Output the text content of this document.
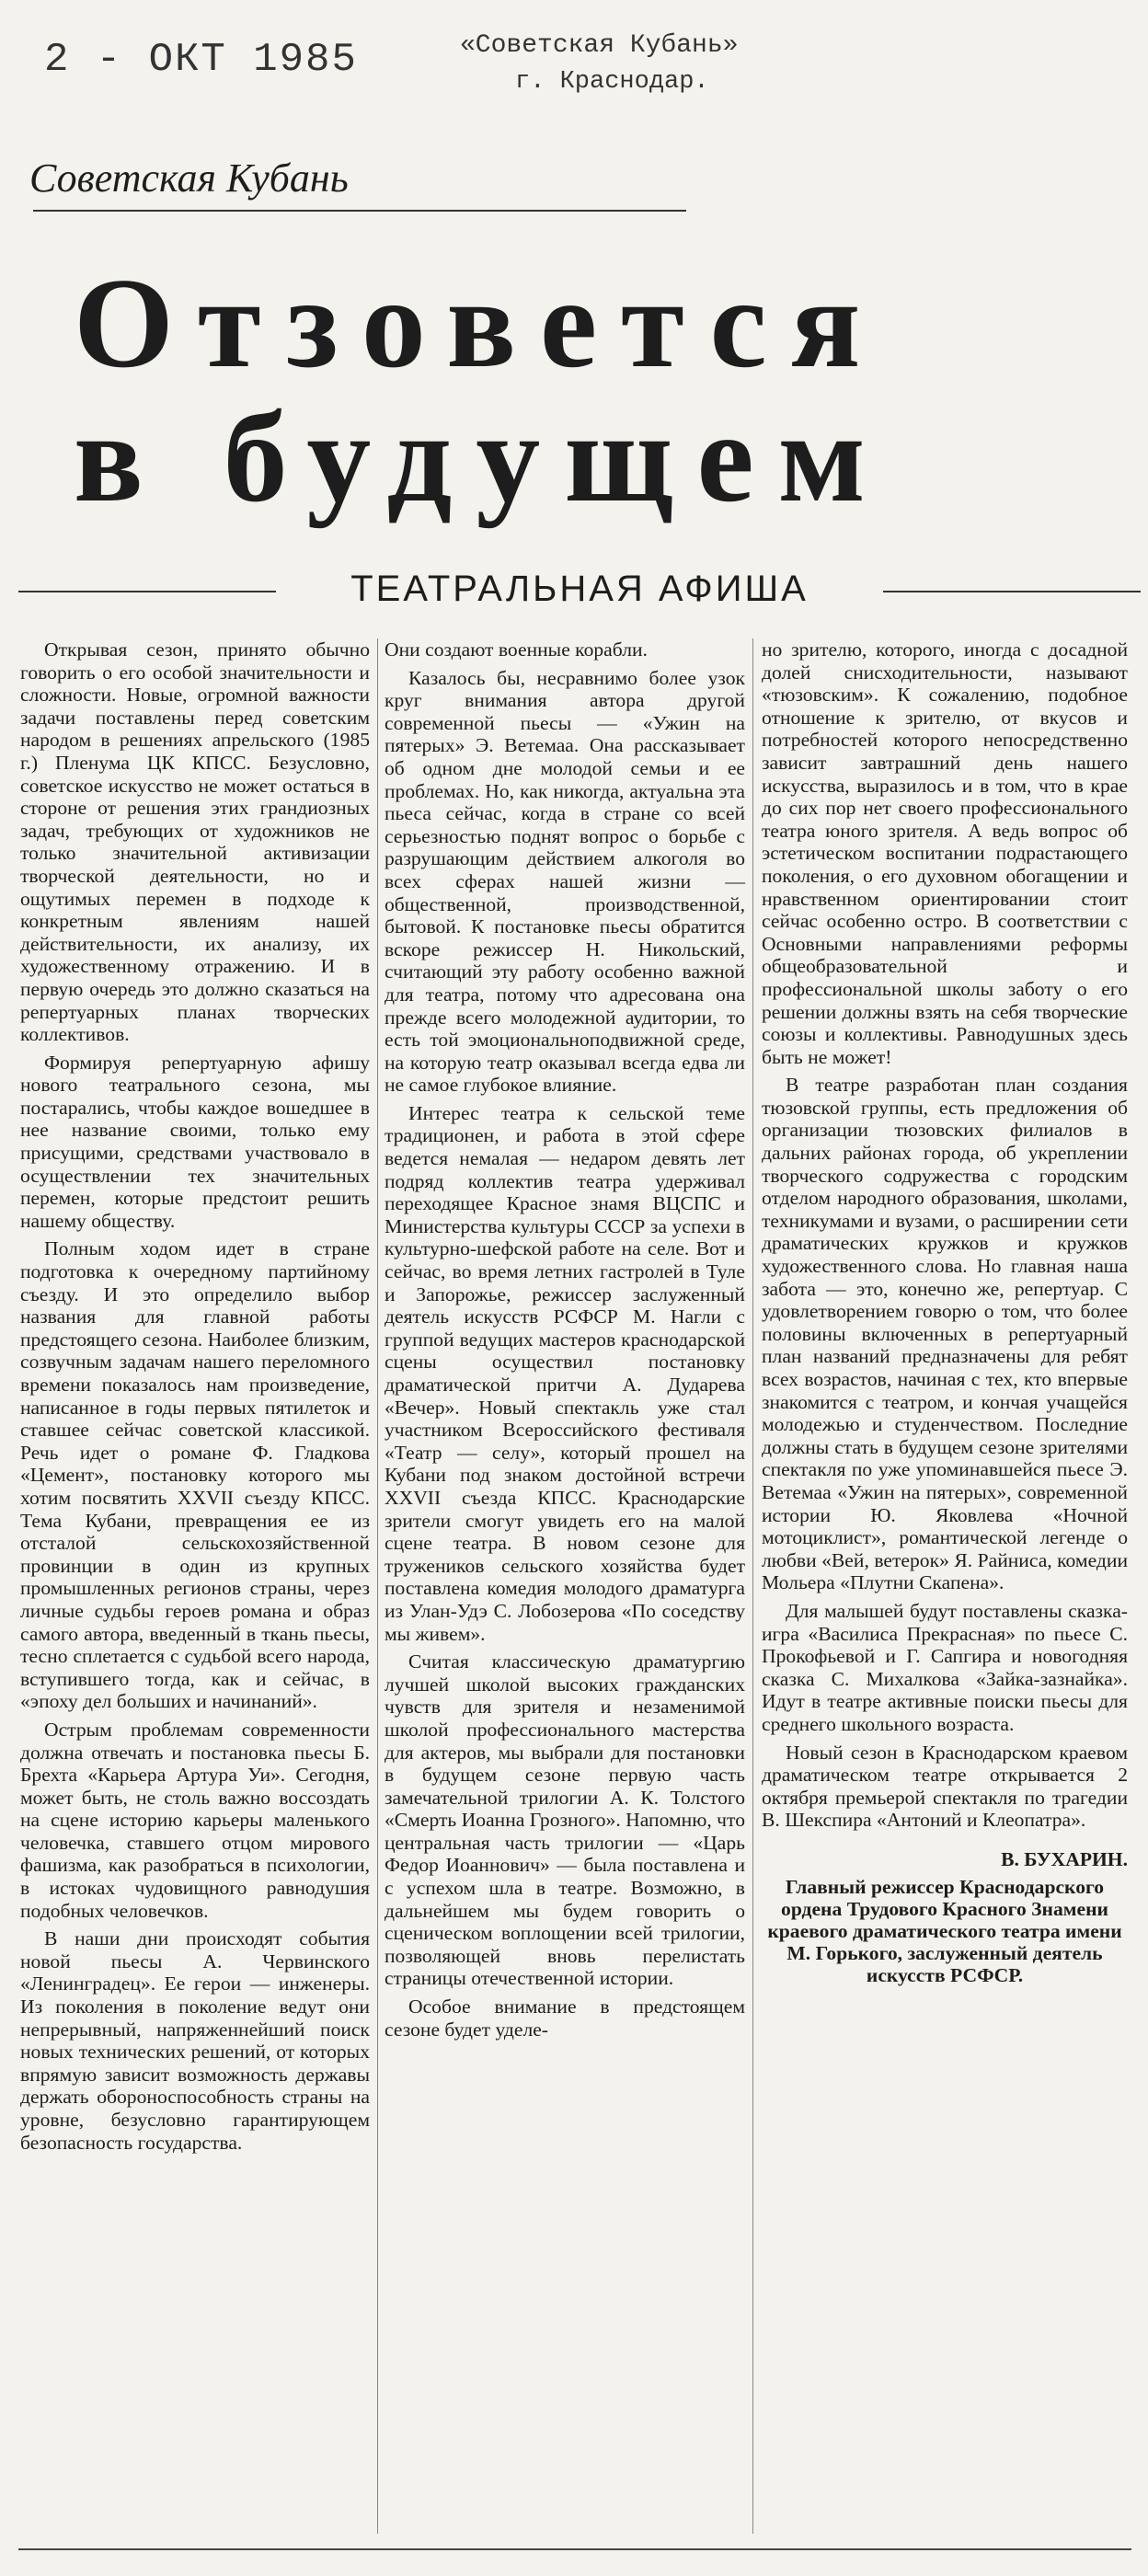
2 - ОКТ 1985	«Советская Кубань»
г. Краснодар.
Советская Кубань
Отзовется
в будущем
ТЕАТРАЛЬНАЯ АФИША

Открывая сезон, принято обычно говорить о его особой значительности и сложности. Новые, огромной важности задачи поставлены перед советским народом в решениях апрельского (1985 г.) Пленума ЦК КПСС. Безусловно, советское искусство не может остаться в стороне от решения этих грандиозных задач, требующих от художников не только значительной активизации творческой деятельности, но и ощутимых перемен в подходе к конкретным явлениям нашей действительности, их анализу, их художественному отражению. И в первую очередь это должно сказаться на репертуарных планах творческих коллективов.

Формируя репертуарную афишу нового театрального сезона, мы постарались, чтобы каждое вошедшее в нее название своими, только ему присущими, средствами участвовало в осуществлении тех значительных перемен, которые предстоит решить нашему обществу.

Полным ходом идет в стране подготовка к очередному партийному съезду. И это определило выбор названия для главной работы предстоящего сезона. Наиболее близким, созвучным задачам нашего переломного времени показалось нам произведение, написанное в годы первых пятилеток и ставшее сейчас советской классикой. Речь идет о романе Ф. Гладкова «Цемент», постановку которого мы хотим посвятить XXVII съезду КПСС. Тема Кубани, превращения ее из отсталой сельскохозяйственной провинции в один из крупных промышленных регионов страны, через личные судьбы героев романа и образ самого автора, введенный в ткань пьесы, тесно сплетается с судьбой всего народа, вступившего тогда, как и сейчас, в «эпоху дел больших и начинаний».

Острым проблемам современности должна отвечать и постановка пьесы Б. Брехта «Карьера Артура Уи». Сегодня, может быть, не столь важно воссоздать на сцене историю карьеры маленького человечка, ставшего отцом мирового фашизма, как разобраться в психологии, в истоках чудовищного равнодушия подобных человечков.

В наши дни происходят события новой пьесы А. Червинского «Ленинградец». Ее герои — инженеры. Из поколения в поколение ведут они непрерывный, напряженнейший поиск новых технических решений, от которых впрямую зависит возможность державы держать обороноспособность страны на уровне, безусловно гарантирующем безопасность государства.

Они создают военные корабли.

Казалось бы, несравнимо более узок круг внимания автора другой современной пьесы — «Ужин на пятерых» Э. Ветемаа. Она рассказывает об одном дне молодой семьи и ее проблемах. Но, как никогда, актуальна эта пьеса сейчас, когда в стране со всей серьезностью поднят вопрос о борьбе с разрушающим действием алкоголя во всех сферах нашей жизни — общественной, производственной, бытовой. К постановке пьесы обратится вскоре режиссер Н. Никольский, считающий эту работу особенно важной для театра, потому что адресована она прежде всего молодежной аудитории, то есть той эмоциональноподвижной среде, на которую театр оказывал всегда едва ли не самое глубокое влияние.

Интерес театра к сельской теме традиционен, и работа в этой сфере ведется немалая — недаром девять лет подряд коллектив театра удерживал переходящее Красное знамя ВЦСПС и Министерства культуры СССР за успехи в культурно-шефской работе на селе. Вот и сейчас, во время летних гастролей в Туле и Запорожье, режиссер заслуженный деятель искусств РСФСР М. Нагли с группой ведущих мастеров краснодарской сцены осуществил постановку драматической притчи А. Дударева «Вечер». Новый спектакль уже стал участником Всероссийского фестиваля «Театр — селу», который прошел на Кубани под знаком достойной встречи XXVII съезда КПСС. Краснодарские зрители смогут увидеть его на малой сцене театра. В новом сезоне для тружеников сельского хозяйства будет поставлена комедия молодого драматурга из Улан-Удэ С. Лобозерова «По соседству мы живем».

Считая классическую драматургию лучшей школой высоких гражданских чувств для зрителя и незаменимой школой профессионального мастерства для актеров, мы выбрали для постановки в будущем сезоне первую часть замечательной трилогии А. К. Толстого «Смерть Иоанна Грозного». Напомню, что центральная часть трилогии — «Царь Федор Иоаннович» — была поставлена и с успехом шла в театре. Возможно, в дальнейшем мы будем говорить о сценическом воплощении всей трилогии, позволяющей вновь перелистать страницы отечественной истории.

Особое внимание в предстоящем сезоне будет уделе-

но зрителю, которого, иногда с досадной долей снисходительности, называют «тюзовским». К сожалению, подобное отношение к зрителю, от вкусов и потребностей которого непосредственно зависит завтрашний день нашего искусства, выразилось и в том, что в крае до сих пор нет своего профессионального театра юного зрителя. А ведь вопрос об эстетическом воспитании подрастающего поколения, о его духовном обогащении и нравственном ориентировании стоит сейчас особенно остро. В соответствии с Основными направлениями реформы общеобразовательной и профессиональной школы заботу о его решении должны взять на себя творческие союзы и коллективы. Равнодушных здесь быть не может!

В театре разработан план создания тюзовской группы, есть предложения об организации тюзовских филиалов в дальних районах города, об укреплении творческого содружества с городским отделом народного образования, школами, техникумами и вузами, о расширении сети драматических кружков и кружков художественного слова. Но главная наша забота — это, конечно же, репертуар. С удовлетворением говорю о том, что более половины включенных в репертуарный план названий предназначены для ребят всех возрастов, начиная с тех, кто впервые знакомится с театром, и кончая учащейся молодежью и студенчеством. Последние должны стать в будущем сезоне зрителями спектакля по уже упоминавшейся пьесе Э. Ветемаа «Ужин на пятерых», современной истории Ю. Яковлева «Ночной мотоциклист», романтической легенде о любви «Вей, ветерок» Я. Райниса, комедии Мольера «Плутни Скапена».

Для малышей будут поставлены сказка-игра «Василиса Прекрасная» по пьесе С. Прокофьевой и Г. Сапгира и новогодняя сказка С. Михалкова «Зайка-зазнайка». Идут в театре активные поиски пьесы для среднего школьного возраста.

Новый сезон в Краснодарском краевом драматическом театре открывается 2 октября премьерой спектакля по трагедии В. Шекспира «Антоний и Клеопатра».

В. БУХАРИН.

Главный режиссер Краснодарского ордена Трудового Красного Знамени краевого драматического театра имени М. Горького, заслуженный деятель искусств РСФСР.
